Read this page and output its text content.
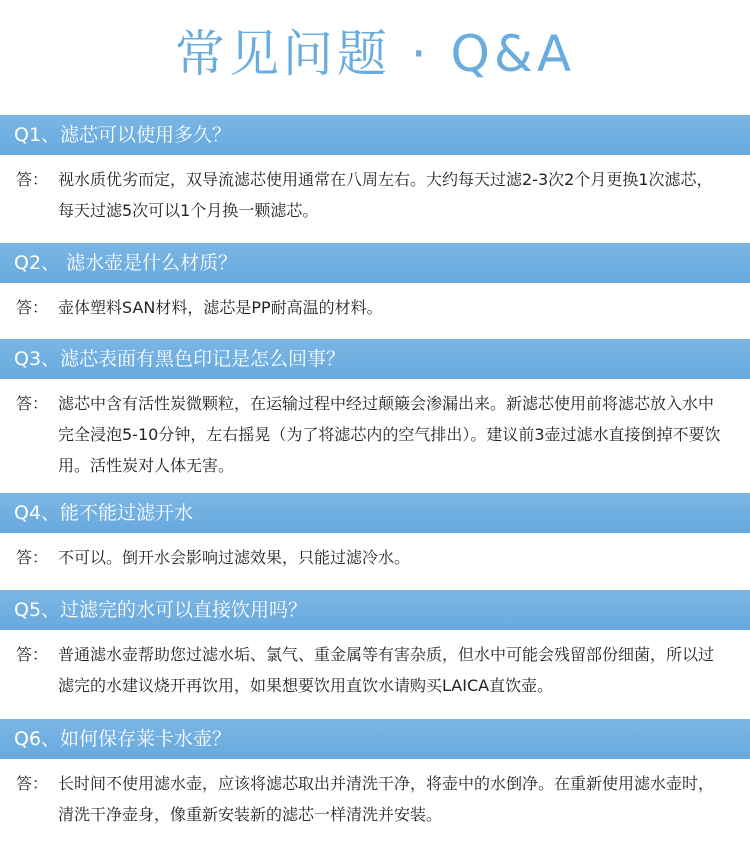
常见问题 · Q&A
Q1、滤芯可以使用多久？
答： 视水质优劣而定，双导流滤芯使用通常在八周左右。大约每天过滤2-3次2个月更换1次滤芯，每天过滤5次可以1个月换一颗滤芯。
Q2、 滤水壶是什么材质？
答： 壶体塑料SAN材料，滤芯是PP耐高温的材料。
Q3、滤芯表面有黑色印记是怎么回事？
答： 滤芯中含有活性炭微颗粒，在运输过程中经过颠簸会渗漏出来。新滤芯使用前将滤芯放入水中完全浸泡5-10分钟，左右摇晃（为了将滤芯内的空气排出）。建议前3壶过滤水直接倒掉不要饮用。活性炭对人体无害。
Q4、能不能过滤开水
答： 不可以。倒开水会影响过滤效果，只能过滤冷水。
Q5、过滤完的水可以直接饮用吗？
答： 普通滤水壶帮助您过滤水垢、氯气、重金属等有害杂质，但水中可能会残留部份细菌，所以过滤完的水建议烧开再饮用，如果想要饮用直饮水请购买LAICA直饮壶。
Q6、如何保存莱卡水壶？
答： 长时间不使用滤水壶，应该将滤芯取出并清洗干净，将壶中的水倒净。在重新使用滤水壶时，清洗干净壶身，像重新安装新的滤芯一样清洗并安装。
